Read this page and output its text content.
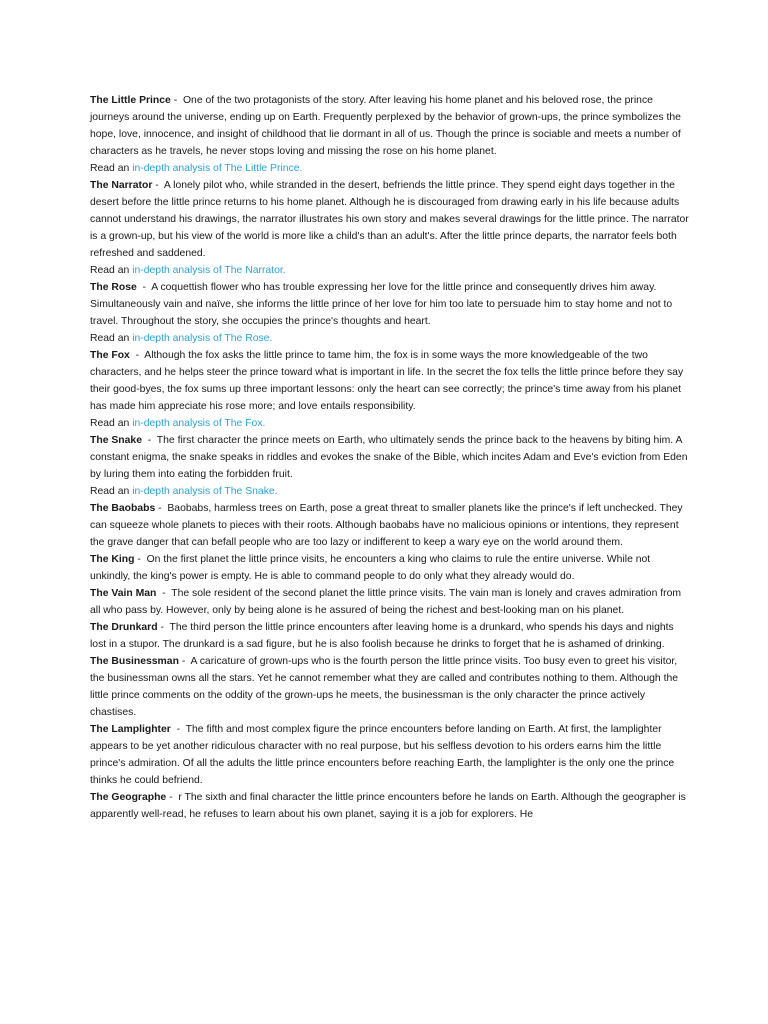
The Little Prince -  One of the two protagonists of the story. After leaving his home planet and his beloved rose, the prince journeys around the universe, ending up on Earth. Frequently perplexed by the behavior of grown-ups, the prince symbolizes the hope, love, innocence, and insight of childhood that lie dormant in all of us. Though the prince is sociable and meets a number of characters as he travels, he never stops loving and missing the rose on his home planet.

Read an in-depth analysis of The Little Prince.

The Narrator -  A lonely pilot who, while stranded in the desert, befriends the little prince. They spend eight days together in the desert before the little prince returns to his home planet. Although he is discouraged from drawing early in his life because adults cannot understand his drawings, the narrator illustrates his own story and makes several drawings for the little prince. The narrator is a grown-up, but his view of the world is more like a child's than an adult's. After the little prince departs, the narrator feels both refreshed and saddened.

Read an in-depth analysis of The Narrator.

The Rose  -  A coquettish flower who has trouble expressing her love for the little prince and consequently drives him away. Simultaneously vain and naïve, she informs the little prince of her love for him too late to persuade him to stay home and not to travel. Throughout the story, she occupies the prince's thoughts and heart.

Read an in-depth analysis of The Rose.

The Fox  -  Although the fox asks the little prince to tame him, the fox is in some ways the more knowledgeable of the two characters, and he helps steer the prince toward what is important in life. In the secret the fox tells the little prince before they say their good-byes, the fox sums up three important lessons: only the heart can see correctly; the prince's time away from his planet has made him appreciate his rose more; and love entails responsibility.

Read an in-depth analysis of The Fox.

The Snake  -  The first character the prince meets on Earth, who ultimately sends the prince back to the heavens by biting him. A constant enigma, the snake speaks in riddles and evokes the snake of the Bible, which incites Adam and Eve's eviction from Eden by luring them into eating the forbidden fruit.

Read an in-depth analysis of The Snake.

The Baobabs -  Baobabs, harmless trees on Earth, pose a great threat to smaller planets like the prince's if left unchecked. They can squeeze whole planets to pieces with their roots. Although baobabs have no malicious opinions or intentions, they represent the grave danger that can befall people who are too lazy or indifferent to keep a wary eye on the world around them.

The King -  On the first planet the little prince visits, he encounters a king who claims to rule the entire universe. While not unkindly, the king's power is empty. He is able to command people to do only what they already would do.

The Vain Man  -  The sole resident of the second planet the little prince visits. The vain man is lonely and craves admiration from all who pass by. However, only by being alone is he assured of being the richest and best-looking man on his planet.

The Drunkard -  The third person the little prince encounters after leaving home is a drunkard, who spends his days and nights lost in a stupor. The drunkard is a sad figure, but he is also foolish because he drinks to forget that he is ashamed of drinking.

The Businessman -  A caricature of grown-ups who is the fourth person the little prince visits. Too busy even to greet his visitor, the businessman owns all the stars. Yet he cannot remember what they are called and contributes nothing to them. Although the little prince comments on the oddity of the grown-ups he meets, the businessman is the only character the prince actively chastises.

The Lamplighter  -  The fifth and most complex figure the prince encounters before landing on Earth. At first, the lamplighter appears to be yet another ridiculous character with no real purpose, but his selfless devotion to his orders earns him the little prince's admiration. Of all the adults the little prince encounters before reaching Earth, the lamplighter is the only one the prince thinks he could befriend.

The Geographe -  r The sixth and final character the little prince encounters before he lands on Earth. Although the geographer is apparently well-read, he refuses to learn about his own planet, saying it is a job for explorers. He
